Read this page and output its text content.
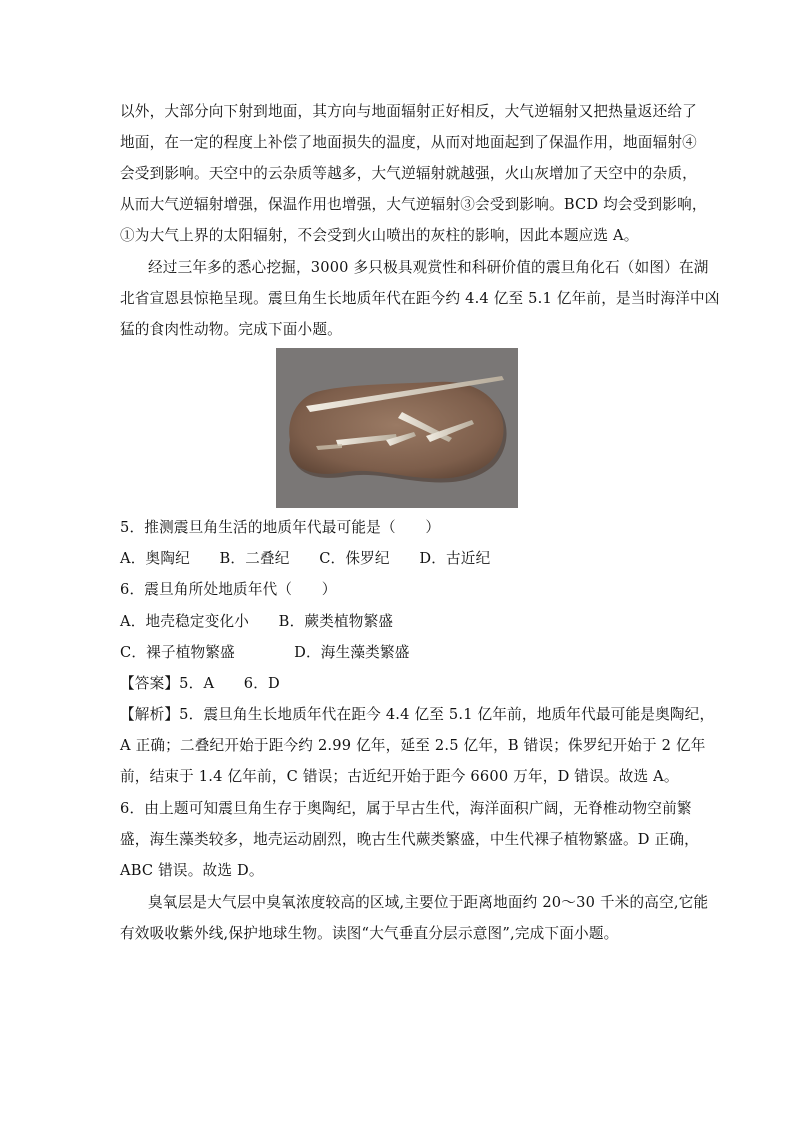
以外，大部分向下射到地面，其方向与地面辐射正好相反，大气逆辐射又把热量返还给了
地面，在一定的程度上补偿了地面损失的温度，从而对地面起到了保温作用，地面辐射④
会受到影响。天空中的云杂质等越多，大气逆辐射就越强，火山灰增加了天空中的杂质，
从而大气逆辐射增强，保温作用也增强，大气逆辐射③会受到影响。BCD 均会受到影响，
①为大气上界的太阳辐射，不会受到火山喷出的灰柱的影响，因此本题应选 A。
经过三年多的悉心挖掘，3000 多只极具观赏性和科研价值的震旦角化石（如图）在湖
北省宣恩县惊艳呈现。震旦角生长地质年代在距今约 4.4 亿至 5.1 亿年前，是当时海洋中凶
猛的食肉性动物。完成下面小题。
5．推测震旦角生活的地质年代最可能是（　　）
A．奥陶纪　　B．二叠纪　　C．侏罗纪　　D．古近纪
6．震旦角所处地质年代（　　）
A．地壳稳定变化小　　B．蕨类植物繁盛
C．裸子植物繁盛　　　　D．海生藻类繁盛
【答案】5．A　　6．D
【解析】5．震旦角生长地质年代在距今 4.4 亿至 5.1 亿年前，地质年代最可能是奥陶纪，
A 正确；二叠纪开始于距今约 2.99 亿年，延至 2.5 亿年，B 错误；侏罗纪开始于 2 亿年
前，结束于 1.4 亿年前，C 错误；古近纪开始于距今 6600 万年，D 错误。故选 A。
6．由上题可知震旦角生存于奥陶纪，属于早古生代，海洋面积广阔，无脊椎动物空前繁
盛，海生藻类较多，地壳运动剧烈，晚古生代蕨类繁盛，中生代裸子植物繁盛。D 正确，
ABC 错误。故选 D。
臭氧层是大气层中臭氧浓度较高的区域,主要位于距离地面约 20～30 千米的高空,它能
有效吸收紫外线,保护地球生物。读图“大气垂直分层示意图”,完成下面小题。
